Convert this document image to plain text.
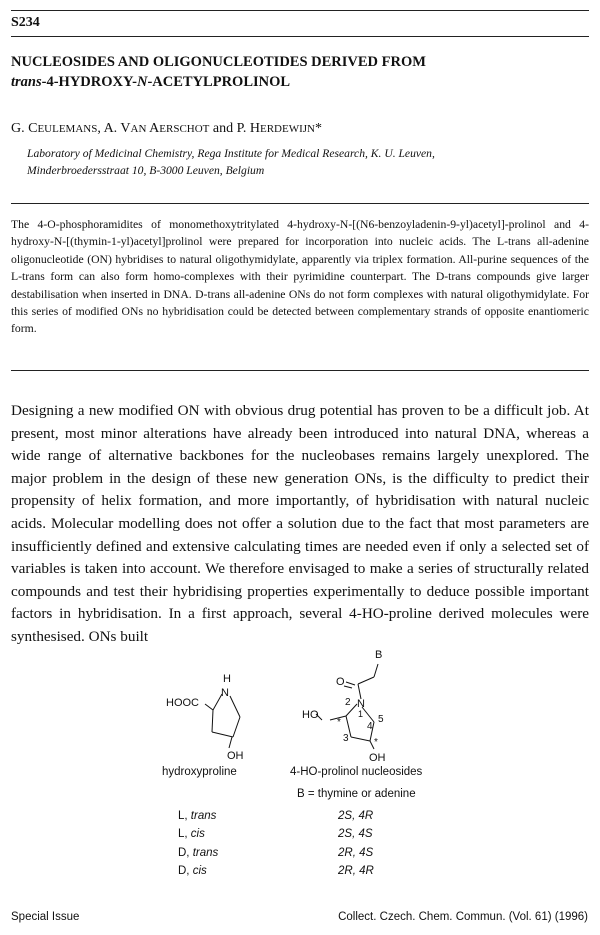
S234
NUCLEOSIDES AND OLIGONUCLEOTIDES DERIVED FROM
trans-4-HYDROXY-N-ACETYLPROLINOL
G. CEULEMANS, A. VAN AERSCHOT and P. HERDEWIJN*
Laboratory of Medicinal Chemistry, Rega Institute for Medical Research, K. U. Leuven,
Minderbroedersstraat 10, B-3000 Leuven, Belgium

The 4-O-phosphoramidites of monomethoxytritylated 4-hydroxy-N-[(N6-benzoyladenin-9-yl)acetyl]-prolinol and 4-hydroxy-N-[(thymin-1-yl)acetyl]prolinol were prepared for incorporation into nucleic acids. The L-trans all-adenine oligonucleotide (ON) hybridises to natural oligothymidylate, apparently via triplex formation. All-purine sequences of the L-trans form can also form homo-complexes with their pyrimidine counterpart. The D-trans compounds give larger destabilisation when inserted in DNA. D-trans all-adenine ONs do not form complexes with natural oligothymidylate. For this series of modified ONs no hybridisation could be detected between complementary strands of opposite enantiomeric form.

Designing a new modified ON with obvious drug potential has proven to be a difficult job. At present, most minor alterations have already been introduced into natural DNA, whereas a wide range of alternative backbones for the nucleobases remains largely unexplored. The major problem in the design of these new generation ONs, is the difficulty to predict their propensity of helix formation, and more importantly, of hybridisation with natural nucleic acids. Molecular modelling does not offer a solution due to the fact that most parameters are insufficiently defined and extensive calculating times are needed even if only a selected set of variables is taken into account. We therefore envisaged to make a series of structurally related compounds and test their hybridising properties experimentally to deduce possible important factors in hybridisation. In a first approach, several 4-HO-proline derived molecules were synthesised. ONs built

HOOC
H
N
OH
hydroxyproline
B
O
HO
N
2
1 5
4
3
*
*
OH
4-HO-prolinol nucleosides
B = thymine or adenine
L, trans	2S, 4R
L, cis	2S, 4S
D, trans	2R, 4S
D, cis	2R, 4R
Special Issue	Collect. Czech. Chem. Commun. (Vol. 61) (1996)
